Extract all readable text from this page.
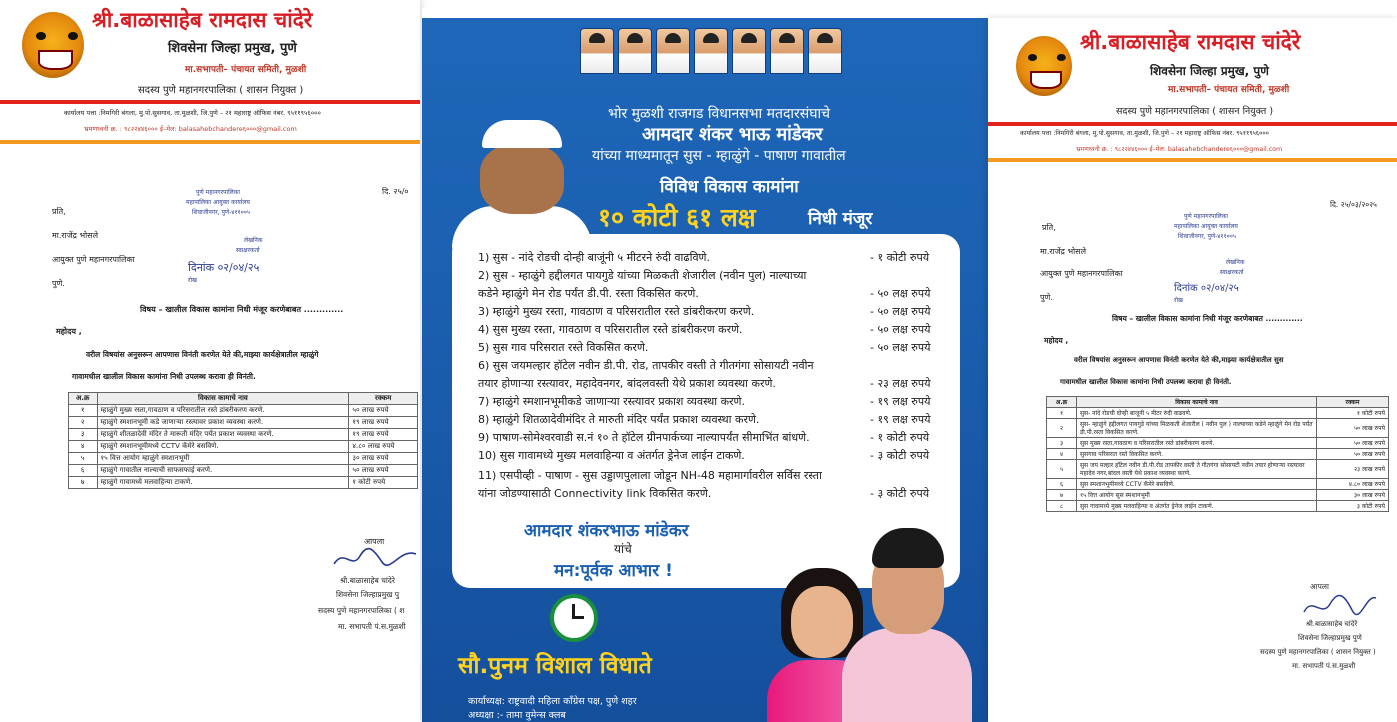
श्री.बाळासाहेब रामदास चांदेरे
शिवसेना जिल्हा प्रमुख, पुणे
मा.सभापती– पंचायत समिती, मुळशी
सदस्य पुणे महानगरपालिका ( शासन नियुक्त )
कार्यालय पत्ता :निमगिरी बंगला, मु.पो.सुसगाव, ता.मुळशी, जि.पुणे – २१ महाराष्ट्र ऑफिस नंबर. ९५११९५६०००
भ्रमणध्वनी क्र. : ९८२२४४६००० ई–मेल: balasahebchandere६०००@gmail.com
दि. २५/०
प्रति,
मा.राजेंद्र भोसले
आयुक्त पुणे महानगरपालिका
पुणे.
पुणे महानगरपालिका
महापालिका आयुक्त कार्यालय
शिवाजीनगर, पुणे-४११००५
लेखनिक
स्वाक्षरकर्ता
दिनांक ०२/०४/२५
रोख
विषय – खालील विकास कामांना निधी मंजूर करणेबाबत .............
महोदय ,
वरील विषयांस अनुसरून आपणास विनंती करणेत येते की,माझ्या कार्यक्षेत्रातील म्हाळुंगे
गावामधील खालील विकास कामांना निधी उपलब्ध करावा ही विनंती.
अ.क्र	विकास कामाचे नाव	रक्कम
१	म्हाळुंगे मुख्य रस्ता,गावठाण व परिसरातील रस्ते डांबरीकरण करणे.	५० लाख रुपये
२	म्हाळुंगे स्मशानभूमी कडे जाणाऱ्या रस्त्यावर प्रकाश व्यवस्था करणे.	१९ लाख रुपये
३	म्हाळुंगे शीतळादेवी मंदिर ते मारूती मंदिर पर्यंत प्रकाश व्यवस्था करणे.	१९ लाख रुपये
४	म्हाळुंगे स्मशानभूमीमध्ये CCTV कॅमेरे बसविणे.	४.८० लाख रुपये
५	१५ वित्त आयोग म्हाळुंगे स्मशानभूमी	३० लाख रुपये
६	म्हाळुंगे गावातील नाल्याची साफसफाई करणे.	५० लाख रुपये
७	म्हाळुंगे गावामध्ये मलवाहिन्या टाकणे.	१ कोटी रुपये
आपला
श्री.बाळासाहेब चांदेरे
शिवसेना जिल्हाप्रमुख पु
सदस्य पुणे महानगरपालिका ( श
मा. सभापती पं.स.मुळशी
भोर मुळशी राजगड विधानसभा मतदारसंघाचे
आमदार शंकर भाऊ मांडेकर
यांच्या माध्यमातून सुस - म्हाळुंगे - पाषाण गावातील
विविध विकास कामांना
१० कोटी ६१ लक्ष	निधी मंजूर
1) सुस - नांदे रोडची दोन्ही बाजूंनी ५ मीटरने रुंदी वाढविणे.	- १ कोटी रुपये
2) सुस - म्हाळुंगे हद्दीलगत पायगुडे यांच्या मिळकती शेजारील (नवीन पुल) नाल्याच्या
कडेने म्हाळुंगे मेन रोड पर्यंत डी.पी. रस्ता विकसित करणे.	- ५० लक्ष रुपये
3) म्हाळुंगे मुख्य रस्ता, गावठाण व परिसरातील रस्ते डांबरीकरण करणे.	- ५० लक्ष रुपये
4) सुस मुख्य रस्ता, गावठाण व परिसरातील रस्ते डांबरीकरण करणे.	- ५० लक्ष रुपये
5) सुस गाव परिसरात रस्ते विकसित करणे.	- ५० लक्ष रुपये
6) सुस जयमल्हार हॉटेल नवीन डी.पी. रोड, तापकीर वस्ती ते गीतगंगा सोसायटी नवीन
तयार होणाऱ्या रस्त्यावर, महादेवनगर, बांदलवस्ती येथे प्रकाश व्यवस्था करणे.	- २३ लक्ष रुपये
7) म्हाळुंगे स्मशानभूमीकडे जाणाऱ्या रस्त्यावर प्रकाश व्यवस्था करणे.	- १९ लक्ष रुपये
8) म्हाळुंगे शितळादेवीमंदिर ते मारुती मंदिर पर्यंत प्रकाश व्यवस्था करणे.	- १९ लक्ष रुपये
9) पाषाण-सोमेश्वरवाडी स.नं १० ते हॉटेल ग्रीनपार्कच्या नाल्यापर्यंत सीमाभिंत बांधणे.	- १ कोटी रुपये
10) सुस गावामध्ये मुख्य मलवाहिन्या व अंतर्गत ड्रेनेज लाईन टाकणे.	- ३ कोटी रुपये
11) एसपीव्ही - पाषाण - सुस उड्डाणपुलाला जोडून NH-48 महामार्गावरील सर्विस रस्ता
यांना जोडण्यासाठी Connectivity link विकसित करणे.	- ३ कोटी रुपये
आमदार शंकरभाऊ मांडेकर
यांचे
मन:पूर्वक आभार !
सौ.पुनम विशाल विधाते
कार्याध्यक्ष: राष्ट्रवादी महिला काँग्रेस पक्ष, पुणे शहर
अध्यक्षा :- तामा वुमेन्स क्लब
श्री.बाळासाहेब रामदास चांदेरे
शिवसेना जिल्हा प्रमुख, पुणे
मा.सभापती– पंचायत समिती, मुळशी
सदस्य पुणे महानगरपालिका ( शासन नियुक्त )
कार्यालय पत्ता :निमगिरी बंगला, मु.पो.सुसगाव, ता.मुळशी, जि.पुणे – २१ महाराष्ट्र ऑफिस नंबर. ९५११९५६०००
भ्रमणध्वनी क्र. : ९८२२४४६००० ई–मेल: balasahebchandere६०००@gmail.com
दि. २५/०३/२०२५
प्रति,
मा.राजेंद्र भोसले
आयुक्त पुणे महानगरपालिका
पुणे.
पुणे महानगरपालिका
महापालिका आयुक्त कार्यालय
शिवाजीनगर, पुणे-४११००५
लेखनिक
स्वाक्षरकर्ता
दिनांक ०२/०४/२५
रोख
विषय – खालील विकास कामांना निधी मंजूर करणेबाबत .............
महोदय ,
वरील विषयांस अनुसरून आपणास विनंती करणेत येते की,माझ्या कार्यक्षेत्रातील सुस
गावामधील खालील विकास कामांना निधी उपलब्ध करावा ही विनंती.
अ.क्र	विकास कामाचे नाव	रक्कम
१	सुस- नांदे रोडची दोन्ही बाजूनी ५ मीटर रुंदी वाढवणे.	१ कोटी रुपये
२	सुस- म्हाळुंगे हद्दीलगत पायगुडे यांच्या मिळकती शेजारील ( नवीन पुल ) नाल्याच्या कडेने म्हाळुंगे मेन रोड पर्यंत डी.पी.रस्ता विकसित करणे.	५० लाख रुपये
३	सुस मुख्य रस्ता,गावठाण व परिसरातील रस्ते डांबरीकरण करणे.	५० लाख रुपये
४	सुसगाव परिसरात रस्ते विकसित करणे.	५० लाख रुपये
५	सुस जय मल्हार हॉटेल नवीन डी.पी.रोड तापकीर वस्ती ते गीतगंगा सोसायटी नवीन तयार होणाऱ्या रस्त्यावर महादेव नगर,बांदल वस्ती येथे प्रकाश व्यवस्था करणे.	२३ लाख रुपये
६	सुस स्मशानभूमीमध्ये CCTV कॅमेरे बसविणे.	४.८० लाख रुपये
७	१५ वित्त आयोग सुस स्मशानभूमी	३० लाख रुपये
८	सुस गावामध्ये मुख्य मलवाहिन्या व अंतर्गत ड्रेनेज लाईन टाकणे.	३ कोटी रुपये
आपला
श्री.बाळासाहेब चांदेरे
शिवसेना जिल्हाप्रमुख पुणे
सदस्य पुणे महानगरपालिका ( शासन नियुक्त )
मा. सभापती पं.स.मुळशी
